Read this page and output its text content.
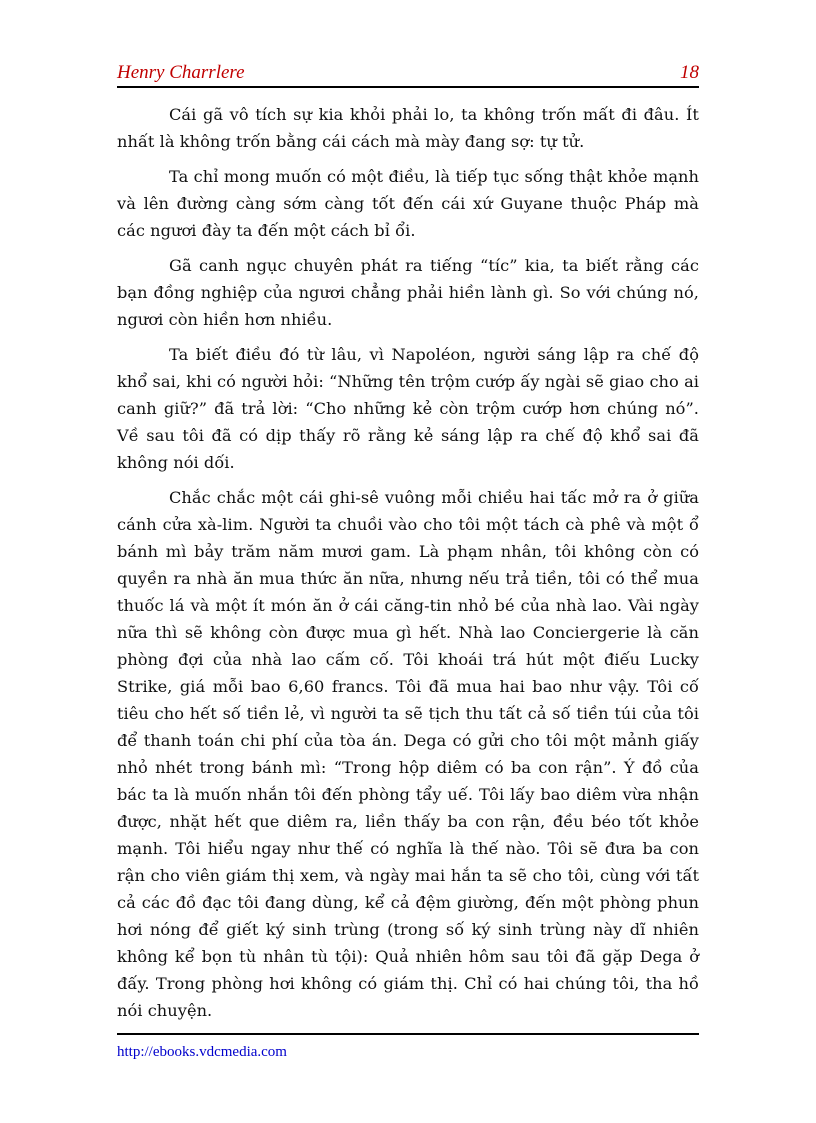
Henry Charrlere	18

Cái gã vô tích sự kia khỏi phải lo, ta không trốn mất đi đâu. Ít nhất là không trốn bằng cái cách mà mày đang sợ: tự tử.

Ta chỉ mong muốn có một điều, là tiếp tục sống thật khỏe mạnh và lên đường càng sớm càng tốt đến cái xứ Guyane thuộc Pháp mà các ngươi đày ta đến một cách bỉ ổi.

Gã canh ngục chuyên phát ra tiếng “tíc” kia, ta biết rằng các bạn đồng nghiệp của ngươi chẳng phải hiền lành gì. So với chúng nó, ngươi còn hiền hơn nhiều.

Ta biết điều đó từ lâu, vì Napoléon, người sáng lập ra chế độ khổ sai, khi có người hỏi: “Những tên trộm cướp ấy ngài sẽ giao cho ai canh giữ?” đã trả lời: “Cho những kẻ còn trộm cướp hơn chúng nó”. Về sau tôi đã có dịp thấy rõ rằng kẻ sáng lập ra chế độ khổ sai đã không nói dối.

Chắc chắc một cái ghi-sê vuông mỗi chiều hai tấc mở ra ở giữa cánh cửa xà-lim. Người ta chuồi vào cho tôi một tách cà phê và một ổ bánh mì bảy trăm năm mươi gam. Là phạm nhân, tôi không còn có quyền ra nhà ăn mua thức ăn nữa, nhưng nếu trả tiền, tôi có thể mua thuốc lá và một ít món ăn ở cái căng-tin nhỏ bé của nhà lao. Vài ngày nữa thì sẽ không còn được mua gì hết. Nhà lao Conciergerie là căn phòng đợi của nhà lao cấm cố. Tôi khoái trá hút một điếu Lucky Strike, giá mỗi bao 6,60 francs. Tôi đã mua hai bao như vậy. Tôi cố tiêu cho hết số tiền lẻ, vì người ta sẽ tịch thu tất cả số tiền túi của tôi để thanh toán chi phí của tòa án. Dega có gửi cho tôi một mảnh giấy nhỏ nhét trong bánh mì: “Trong hộp diêm có ba con rận”. Ý đồ của bác ta là muốn nhắn tôi đến phòng tẩy uế. Tôi lấy bao diêm vừa nhận được, nhặt hết que diêm ra, liền thấy ba con rận, đều béo tốt khỏe mạnh. Tôi hiểu ngay như thế có nghĩa là thế nào. Tôi sẽ đưa ba con rận cho viên giám thị xem, và ngày mai hắn ta sẽ cho tôi, cùng với tất cả các đồ đạc tôi đang dùng, kể cả đệm giường, đến một phòng phun hơi nóng để giết ký sinh trùng (trong số ký sinh trùng này dĩ nhiên không kể bọn tù nhân tù tội): Quả nhiên hôm sau tôi đã gặp Dega ở đấy. Trong phòng hơi không có giám thị. Chỉ có hai chúng tôi, tha hồ nói chuyện.

http://ebooks.vdcmedia.com
